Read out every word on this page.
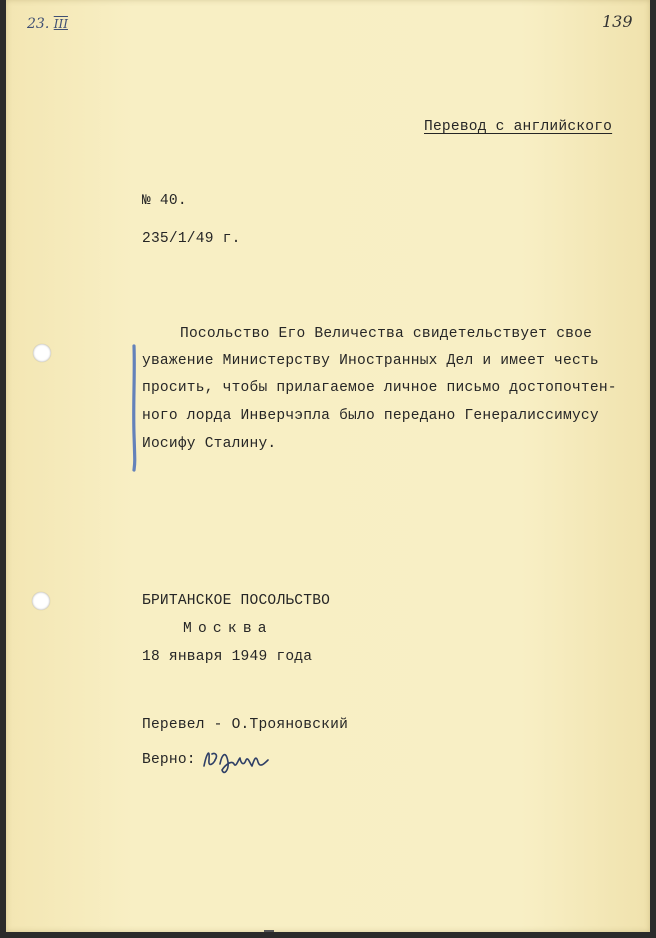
23. III	139

Перевод с английского

№ 40.

235/1/49 г.

Посольство Его Величества свидетельствует свое

уважение Министерству Иностранных Дел и имеет честь

просить, чтобы прилагаемое личное письмо достопочтен-

ного лорда Инверчэпла было передано Генералиссимусу

Иосифу Сталину.

БРИТАНСКОЕ ПОСОЛЬСТВО

Москва

18 января 1949 года

Перевел - О.Трояновский

Верно:
